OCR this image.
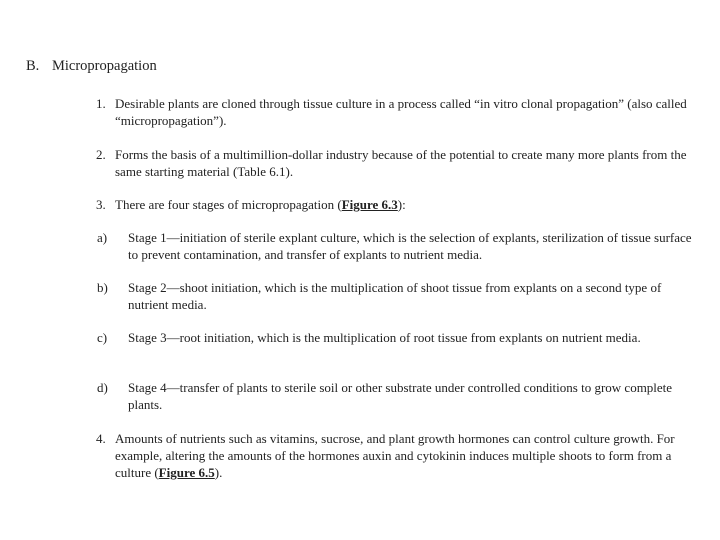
B. Micropropagation
1. Desirable plants are cloned through tissue culture in a process called “in vitro clonal propagation” (also called “micropropagation”).
2. Forms the basis of a multimillion-dollar industry because of the potential to create many more plants from the same starting material (Table 6.1).
3. There are four stages of micropropagation (Figure 6.3):
a)	Stage 1—initiation of sterile explant culture, which is the selection of explants, sterilization of tissue surface to prevent contamination, and transfer of explants to nutrient media.
b)	Stage 2—shoot initiation, which is the multiplication of shoot tissue from explants on a second type of nutrient media.
c)	Stage 3—root initiation, which is the multiplication of root tissue from explants on nutrient media.
d)	Stage 4—transfer of plants to sterile soil or other substrate under controlled conditions to grow complete plants.
4. Amounts of nutrients such as vitamins, sucrose, and plant growth hormones can control culture growth. For example, altering the amounts of the hormones auxin and cytokinin induces multiple shoots to form from a culture (Figure 6.5).
